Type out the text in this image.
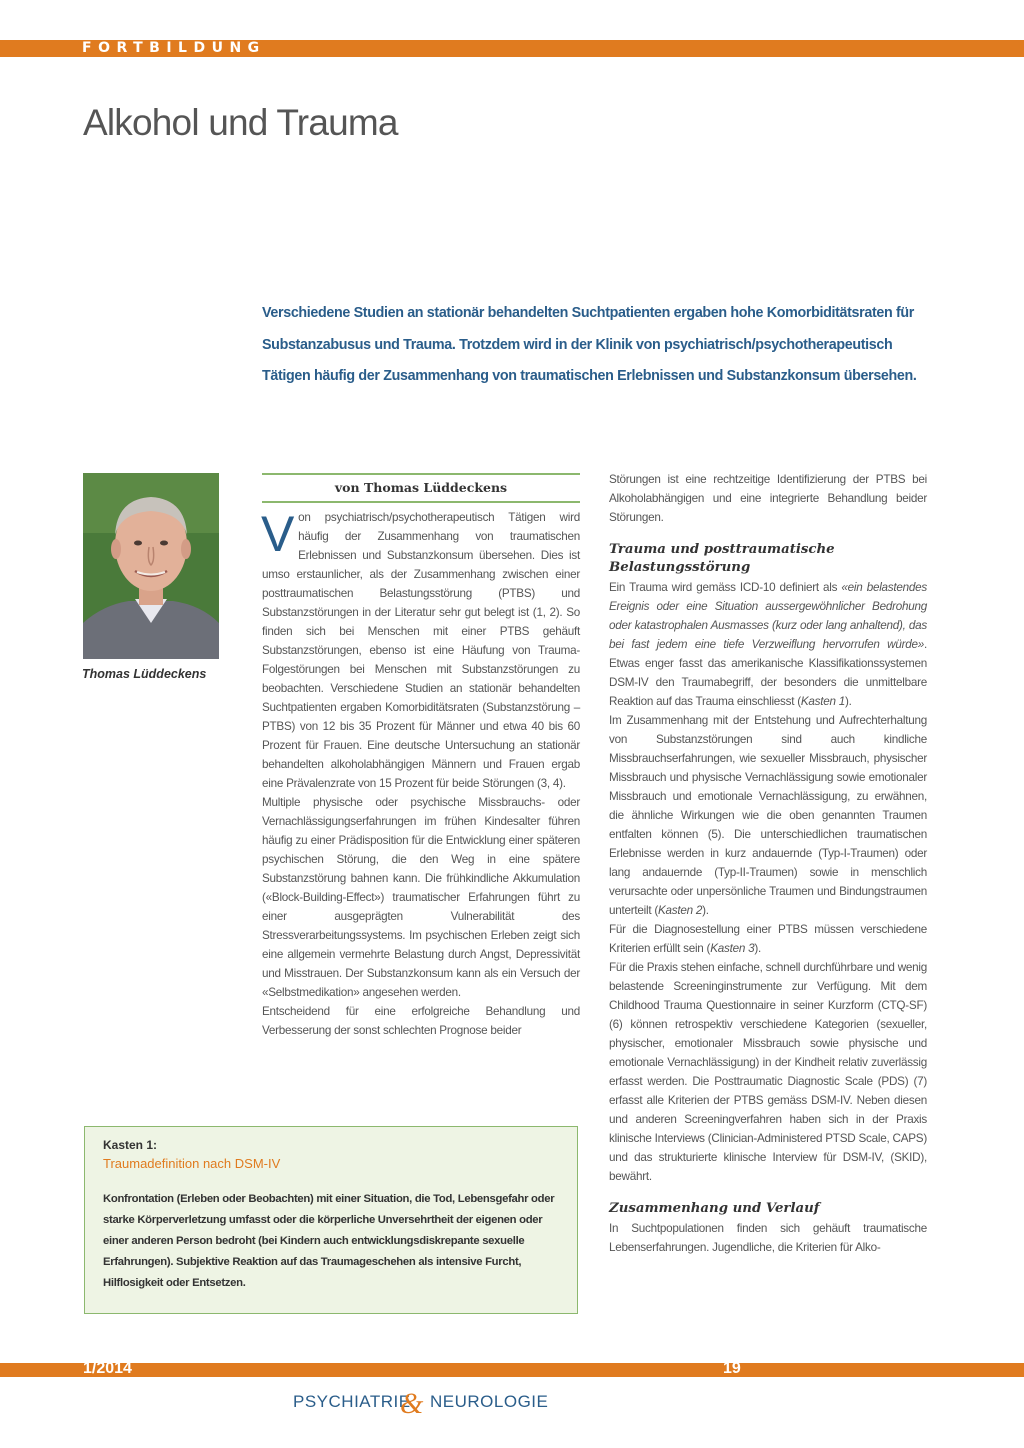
FORTBILDUNG
Alkohol und Trauma
Verschiedene Studien an stationär behandelten Suchtpatienten ergaben hohe Komorbiditätsraten für Substanzabusus und Trauma. Trotzdem wird in der Klinik von psychiatrisch/psychotherapeutisch Tätigen häufig der Zusammenhang von traumatischen Erlebnissen und Substanzkonsum übersehen.
Thomas Lüddeckens
von Thomas Lüddeckens

Von psychiatrisch/psychotherapeutisch Tätigen wird häufig der Zusammenhang von traumatischen Erlebnissen und Substanzkonsum übersehen. Dies ist umso erstaunlicher, als der Zusammenhang zwischen einer posttraumatischen Belastungsstörung (PTBS) und Substanzstörungen in der Literatur sehr gut belegt ist (1, 2). So finden sich bei Menschen mit einer PTBS gehäuft Substanzstörungen, ebenso ist eine Häufung von Trauma-Folgestörungen bei Menschen mit Substanzstörungen zu beobachten. Verschiedene Studien an stationär behandelten Suchtpatienten ergaben Komorbiditätsraten (Substanzstörung – PTBS) von 12 bis 35 Prozent für Männer und etwa 40 bis 60 Prozent für Frauen. Eine deutsche Untersuchung an stationär behandelten alkoholabhängigen Männern und Frauen ergab eine Prävalenzrate von 15 Prozent für beide Störungen (3, 4).

Multiple physische oder psychische Missbrauchs- oder Vernachlässigungserfahrungen im frühen Kindesalter führen häufig zu einer Prädisposition für die Entwicklung einer späteren psychischen Störung, die den Weg in eine spätere Substanzstörung bahnen kann. Die frühkindliche Akkumulation («Block-Building-Effect») traumatischer Erfahrungen führt zu einer ausgeprägten Vulnerabilität des Stressverarbeitungssystems. Im psychischen Erleben zeigt sich eine allgemein vermehrte Belastung durch Angst, Depressivität und Misstrauen. Der Substanzkonsum kann als ein Versuch der «Selbstmedikation» angesehen werden.

Entscheidend für eine erfolgreiche Behandlung und Verbesserung der sonst schlechten Prognose beider

Störungen ist eine rechtzeitige Identifizierung der PTBS bei Alkoholabhängigen und eine integrierte Behandlung beider Störungen.

Trauma und posttraumatische Belastungsstörung

Ein Trauma wird gemäss ICD-10 definiert als «ein belastendes Ereignis oder eine Situation aussergewöhnlicher Bedrohung oder katastrophalen Ausmasses (kurz oder lang anhaltend), das bei fast jedem eine tiefe Verzweiflung hervorrufen würde». Etwas enger fasst das amerikanische Klassifikationssystemen DSM-IV den Traumabegriff, der besonders die unmittelbare Reaktion auf das Trauma einschliesst (Kasten 1).

Im Zusammenhang mit der Entstehung und Aufrechterhaltung von Substanzstörungen sind auch kindliche Missbrauchserfahrungen, wie sexueller Missbrauch, physischer Missbrauch und physische Vernachlässigung sowie emotionaler Missbrauch und emotionale Vernachlässigung, zu erwähnen, die ähnliche Wirkungen wie die oben genannten Traumen entfalten können (5). Die unterschiedlichen traumatischen Erlebnisse werden in kurz andauernde (Typ-I-Traumen) oder lang andauernde (Typ-II-Traumen) sowie in menschlich verursachte oder unpersönliche Traumen und Bindungstraumen unterteilt (Kasten 2).

Für die Diagnosestellung einer PTBS müssen verschiedene Kriterien erfüllt sein (Kasten 3).

Für die Praxis stehen einfache, schnell durchführbare und wenig belastende Screeninginstrumente zur Verfügung. Mit dem Childhood Trauma Questionnaire in seiner Kurzform (CTQ-SF) (6) können retrospektiv verschiedene Kategorien (sexueller, physischer, emotionaler Missbrauch sowie physische und emotionale Vernachlässigung) in der Kindheit relativ zuverlässig erfasst werden. Die Posttraumatic Diagnostic Scale (PDS) (7) erfasst alle Kriterien der PTBS gemäss DSM-IV. Neben diesen und anderen Screeningverfahren haben sich in der Praxis klinische Interviews (Clinician-Administered PTSD Scale, CAPS) und das strukturierte klinische Interview für DSM-IV, (SKID), bewährt.

Zusammenhang und Verlauf

In Suchtpopulationen finden sich gehäuft traumatische Lebenserfahrungen. Jugendliche, die Kriterien für Alko-

Kasten 1:
Traumadefinition nach DSM-IV
Konfrontation (Erleben oder Beobachten) mit einer Situation, die Tod, Lebensgefahr oder starke Körperverletzung umfasst oder die körperliche Unversehrtheit der eigenen oder einer anderen Person bedroht (bei Kindern auch entwicklungsdiskrepante sexuelle Erfahrungen). Subjektive Reaktion auf das Traumageschehen als intensive Furcht, Hilflosigkeit oder Entsetzen.
1/2014	19
PSYCHIATRIE
& NEUROLOGIE
